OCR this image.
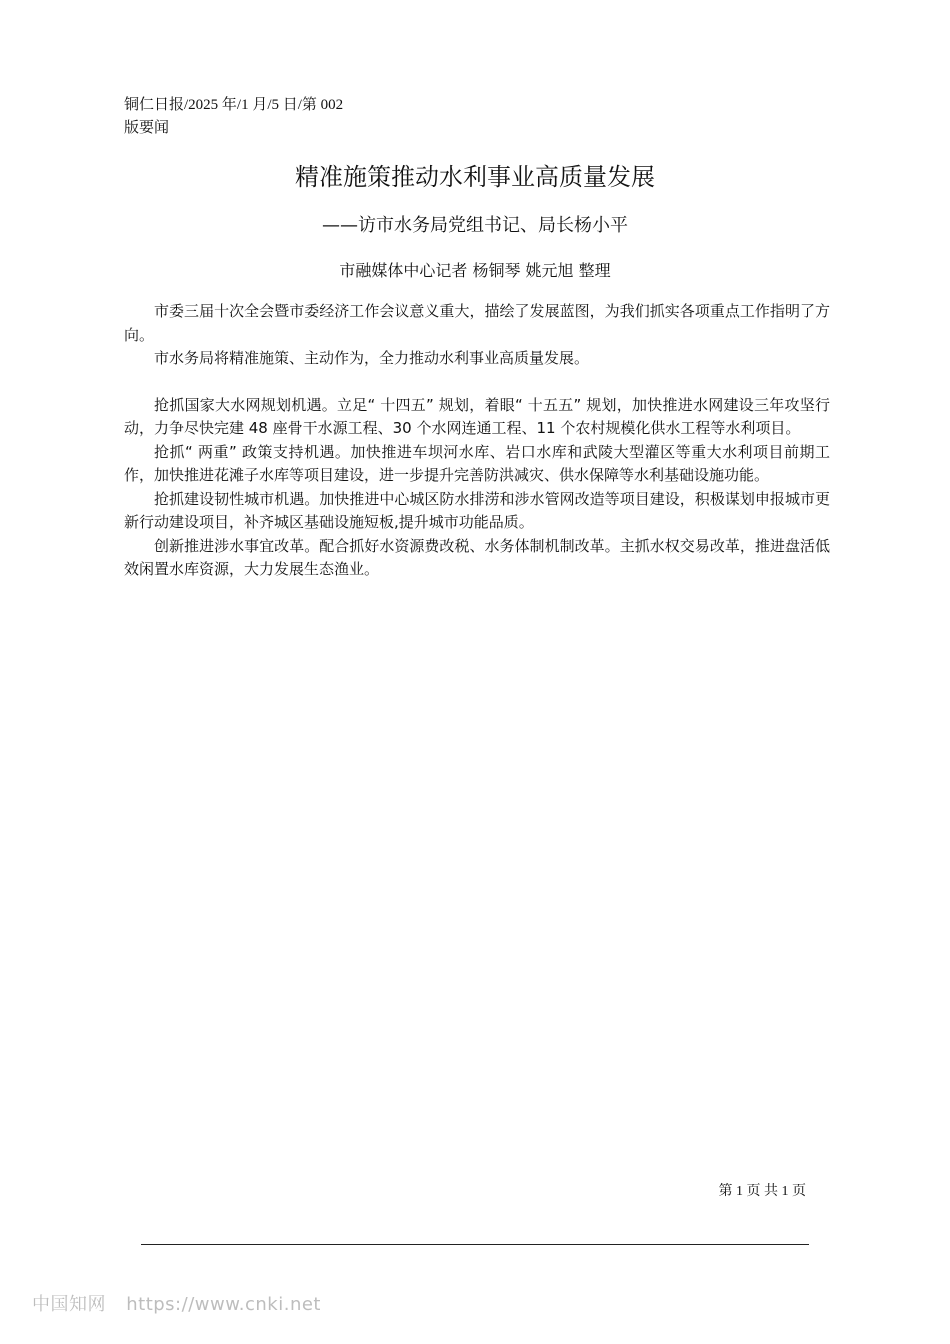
铜仁日报/2025 年/1 月/5 日/第 002
版要闻
精准施策推动水利事业高质量发展
——访市水务局党组书记、局长杨小平
市融媒体中心记者 杨铜琴 姚元旭 整理

市委三届十次全会暨市委经济工作会议意义重大，描绘了发展蓝图，为我们抓实各项重点工作指明了方向。

市水务局将精准施策、主动作为，全力推动水利事业高质量发展。

抢抓国家大水网规划机遇。立足“ 十四五” 规划，着眼“ 十五五” 规划，加快推进水网建设三年攻坚行动，力争尽快完建 48 座骨干水源工程、30 个水网连通工程、11 个农村规模化供水工程等水利项目。

抢抓“ 两重” 政策支持机遇。加快推进车坝河水库、岩口水库和武陵大型灌区等重大水利项目前期工作，加快推进花滩子水库等项目建设，进一步提升完善防洪减灾、供水保障等水利基础设施功能。

抢抓建设韧性城市机遇。加快推进中心城区防水排涝和涉水管网改造等项目建设，积极谋划申报城市更新行动建设项目，补齐城区基础设施短板,提升城市功能品质。

创新推进涉水事宜改革。配合抓好水资源费改税、水务体制机制改革。主抓水权交易改革，推进盘活低效闲置水库资源，大力发展生态渔业。

第 1 页 共 1 页
中国知网 https://www.cnki.net
